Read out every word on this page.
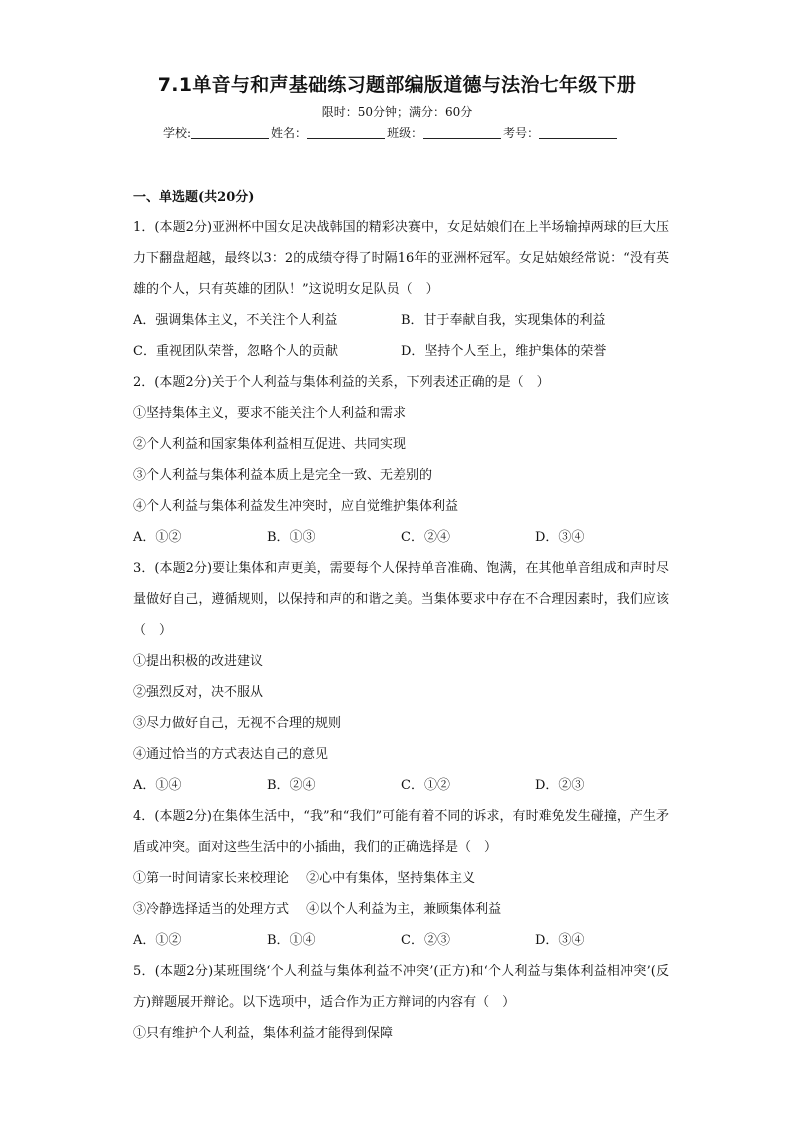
7.1单音与和声基础练习题部编版道德与法治七年级下册
限时：50分钟；满分：60分
学校:	姓名：	班级：	考号：
一、单选题(共20分)

1．(本题2分)亚洲杯中国女足决战韩国的精彩决赛中，女足姑娘们在上半场输掉两球的巨大压力下翻盘超越，最终以3：2的成绩夺得了时隔16年的亚洲杯冠军。女足姑娘经常说：“没有英雄的个人，只有英雄的团队！”这说明女足队员（　）

A．强调集体主义，不关注个人利益	B．甘于奉献自我，实现集体的利益
C．重视团队荣誉，忽略个人的贡献	D．坚持个人至上，维护集体的荣誉

2．(本题2分)关于个人利益与集体利益的关系，下列表述正确的是（　）

①坚持集体主义，要求不能关注个人利益和需求

②个人利益和国家集体利益相互促进、共同实现

③个人利益与集体利益本质上是完全一致、无差别的

④个人利益与集体利益发生冲突时，应自觉维护集体利益

A．①②	B．①③	C．②④	D．③④

3．(本题2分)要让集体和声更美，需要每个人保持单音准确、饱满，在其他单音组成和声时尽量做好自己，遵循规则，以保持和声的和谐之美。当集体要求中存在不合理因素时，我们应该（　）

①提出积极的改进建议

②强烈反对，决不服从

③尽力做好自己，无视不合理的规则

④通过恰当的方式表达自己的意见

A．①④	B．②④	C．①②	D．②③

4．(本题2分)在集体生活中，“我”和“我们”可能有着不同的诉求，有时难免发生碰撞，产生矛盾或冲突。面对这些生活中的小插曲，我们的正确选择是（　）

①第一时间请家长来校理论　 ②心中有集体，坚持集体主义

③冷静选择适当的处理方式　 ④以个人利益为主，兼顾集体利益

A．①②	B．①④	C．②③	D．③④

5．(本题2分)某班围绕‘个人利益与集体利益不冲突’(正方)和‘个人利益与集体利益相冲突’(反方)辩题展开辩论。以下选项中，适合作为正方辩词的内容有（　）

①只有维护个人利益，集体利益才能得到保障
